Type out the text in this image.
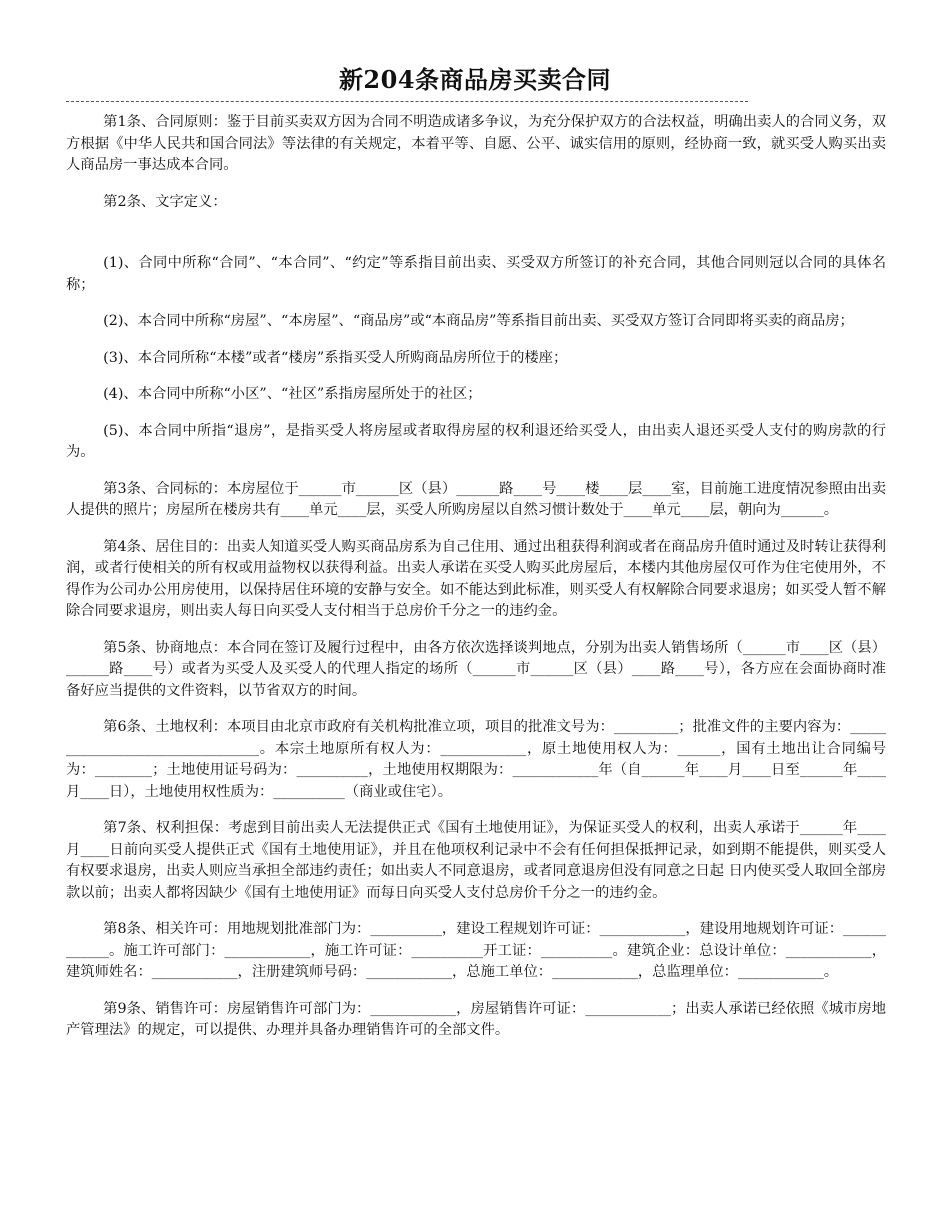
新204条商品房买卖合同

第1条、合同原则：鉴于目前买卖双方因为合同不明造成诸多争议，为充分保护双方的合法权益，明确出卖人的合同义务，双方根据《中华人民共和国合同法》等法律的有关规定，本着平等、自愿、公平、诚实信用的原则，经协商一致，就买受人购买出卖人商品房一事达成本合同。

第2条、文字定义：

(1)、合同中所称“合同”、“本合同”、“约定”等系指目前出卖、买受双方所签订的补充合同，其他合同则冠以合同的具体名称；

(2)、本合同中所称“房屋”、“本房屋”、“商品房”或“本商品房”等系指目前出卖、买受双方签订合同即将买卖的商品房；

(3)、本合同所称“本楼”或者“楼房”系指买受人所购商品房所位于的楼座；

(4)、本合同中所称“小区”、“社区”系指房屋所处于的社区；

(5)、本合同中所指“退房”，是指买受人将房屋或者取得房屋的权利退还给买受人，由出卖人退还买受人支付的购房款的行为。

第3条、合同标的：本房屋位于______市______区（县）______路____号____楼____层____室，目前施工进度情况参照由出卖人提供的照片；房屋所在楼房共有____单元____层，买受人所购房屋以自然习惯计数处于____单元____层，朝向为______。

第4条、居住目的：出卖人知道买受人购买商品房系为自己住用、通过出租获得利润或者在商品房升值时通过及时转让获得利润，或者行使相关的所有权或用益物权以获得利益。出卖人承诺在买受人购买此房屋后，本楼内其他房屋仅可作为住宅使用外，不得作为公司办公用房使用，以保持居住环境的安静与安全。如不能达到此标准，则买受人有权解除合同要求退房；如买受人暂不解除合同要求退房，则出卖人每日向买受人支付相当于总房价千分之一的违约金。

第5条、协商地点：本合同在签订及履行过程中，由各方依次选择谈判地点，分别为出卖人销售场所（______市____区（县）______路____号）或者为买受人及买受人的代理人指定的场所（______市______区（县）____路____号），各方应在会面协商时准备好应当提供的文件资料，以节省双方的时间。

第6条、土地权利：本项目由北京市政府有关机构批准立项，项目的批准文号为：_________；批准文件的主要内容为：________________________________。本宗土地原所有权人为：____________，原土地使用权人为：______，国有土地出让合同编号为：________；土地使用证号码为：__________，土地使用权期限为：____________年（自______年____月____日至______年____月____日），土地使用权性质为：__________（商业或住宅）。

第7条、权利担保：考虑到目前出卖人无法提供正式《国有土地使用证》，为保证买受人的权利，出卖人承诺于______年____月____日前向买受人提供正式《国有土地使用证》，并且在他项权利记录中不会有任何担保抵押记录，如到期不能提供，则买受人有权要求退房，出卖人则应当承担全部违约责任；如出卖人不同意退房，或者同意退房但没有同意之日起 日内使买受人取回全部房款以前；出卖人都将因缺少《国有土地使用证》而每日向买受人支付总房价千分之一的违约金。

第8条、相关许可：用地规划批准部门为：__________，建设工程规划许可证：____________，建设用地规划许可证：____________。施工许可部门：____________，施工许可证：__________开工证：__________。建筑企业：总设计单位：____________，建筑师姓名：____________，注册建筑师号码：____________，总施工单位：____________，总监理单位：____________。

第9条、销售许可：房屋销售许可部门为：____________，房屋销售许可证：____________；出卖人承诺已经依照《城市房地产管理法》的规定，可以提供、办理并具备办理销售许可的全部文件。
